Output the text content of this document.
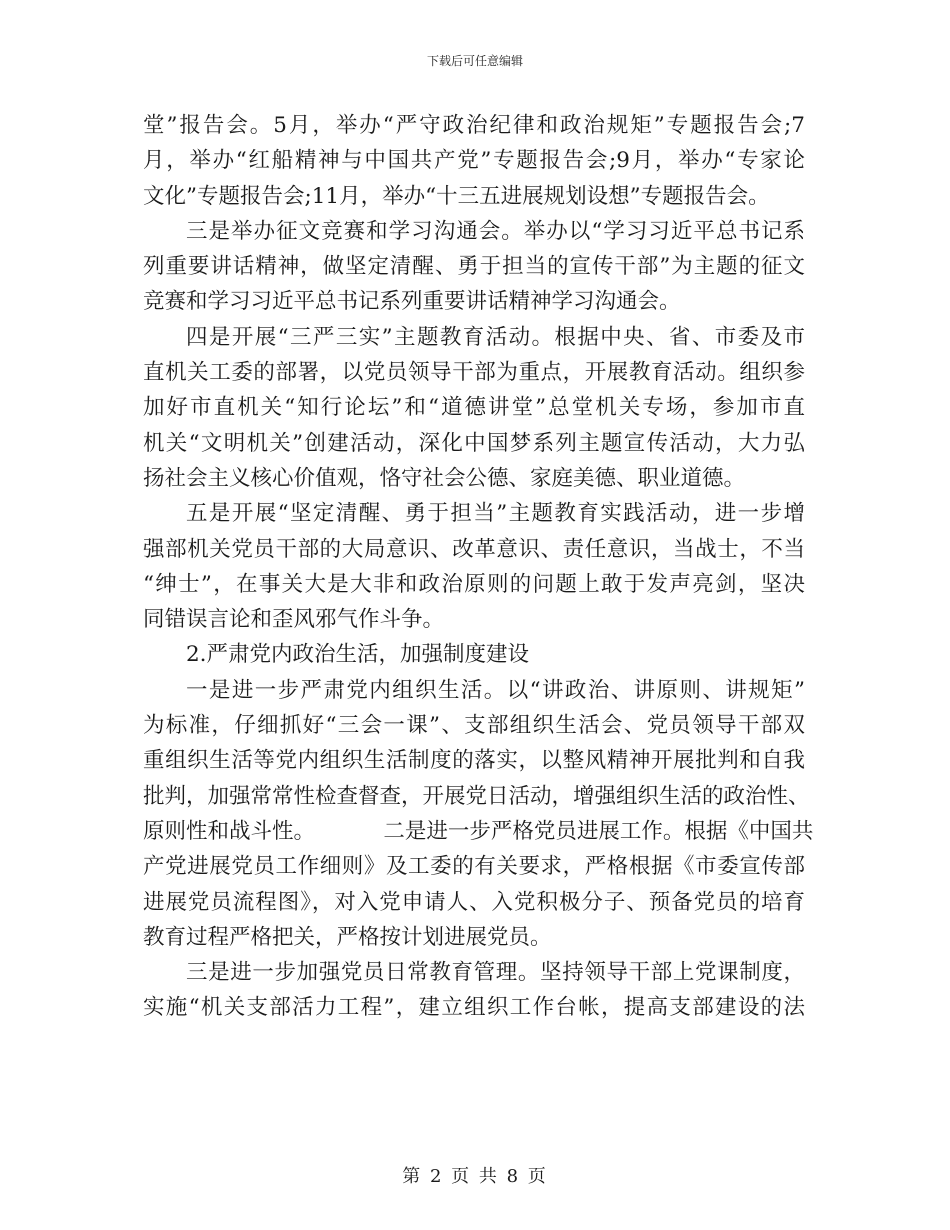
下载后可任意编辑

堂”报告会。5月，举办“严守政治纪律和政治规矩”专题报告会;7
月，举办“红船精神与中国共产党”专题报告会;9月，举办“专家论
文化”专题报告会;11月，举办“十三五进展规划设想”专题报告会。

三是举办征文竞赛和学习沟通会。举办以“学习习近平总书记系

列重要讲话精神，做坚定清醒、勇于担当的宣传干部”为主题的征文
竞赛和学习习近平总书记系列重要讲话精神学习沟通会。

四是开展“三严三实”主题教育活动。根据中央、省、市委及市

直机关工委的部署，以党员领导干部为重点，开展教育活动。组织参
加好市直机关“知行论坛”和“道德讲堂”总堂机关专场，参加市直
机关“文明机关”创建活动，深化中国梦系列主题宣传活动，大力弘
扬社会主义核心价值观，恪守社会公德、家庭美德、职业道德。

五是开展“坚定清醒、勇于担当”主题教育实践活动，进一步增

强部机关党员干部的大局意识、改革意识、责任意识，当战士，不当
“绅士”，在事关大是大非和政治原则的问题上敢于发声亮剑，坚决
同错误言论和歪风邪气作斗争。

2.严肃党内政治生活，加强制度建设

一是进一步严肃党内组织生活。以“讲政治、讲原则、讲规矩”

为标准，仔细抓好“三会一课”、支部组织生活会、党员领导干部双
重组织生活等党内组织生活制度的落实，以整风精神开展批判和自我
批判，加强常常性检查督查，开展党日活动，增强组织生活的政治性、
原则性和战斗性。          二是进一步严格党员进展工作。根据《中国共
产党进展党员工作细则》及工委的有关要求，严格根据《市委宣传部
进展党员流程图》，对入党申请人、入党积极分子、预备党员的培育
教育过程严格把关，严格按计划进展党员。

三是进一步加强党员日常教育管理。坚持领导干部上党课制度，

实施“机关支部活力工程”，建立组织工作台帐，提高支部建设的法

第 2 页 共 8 页
